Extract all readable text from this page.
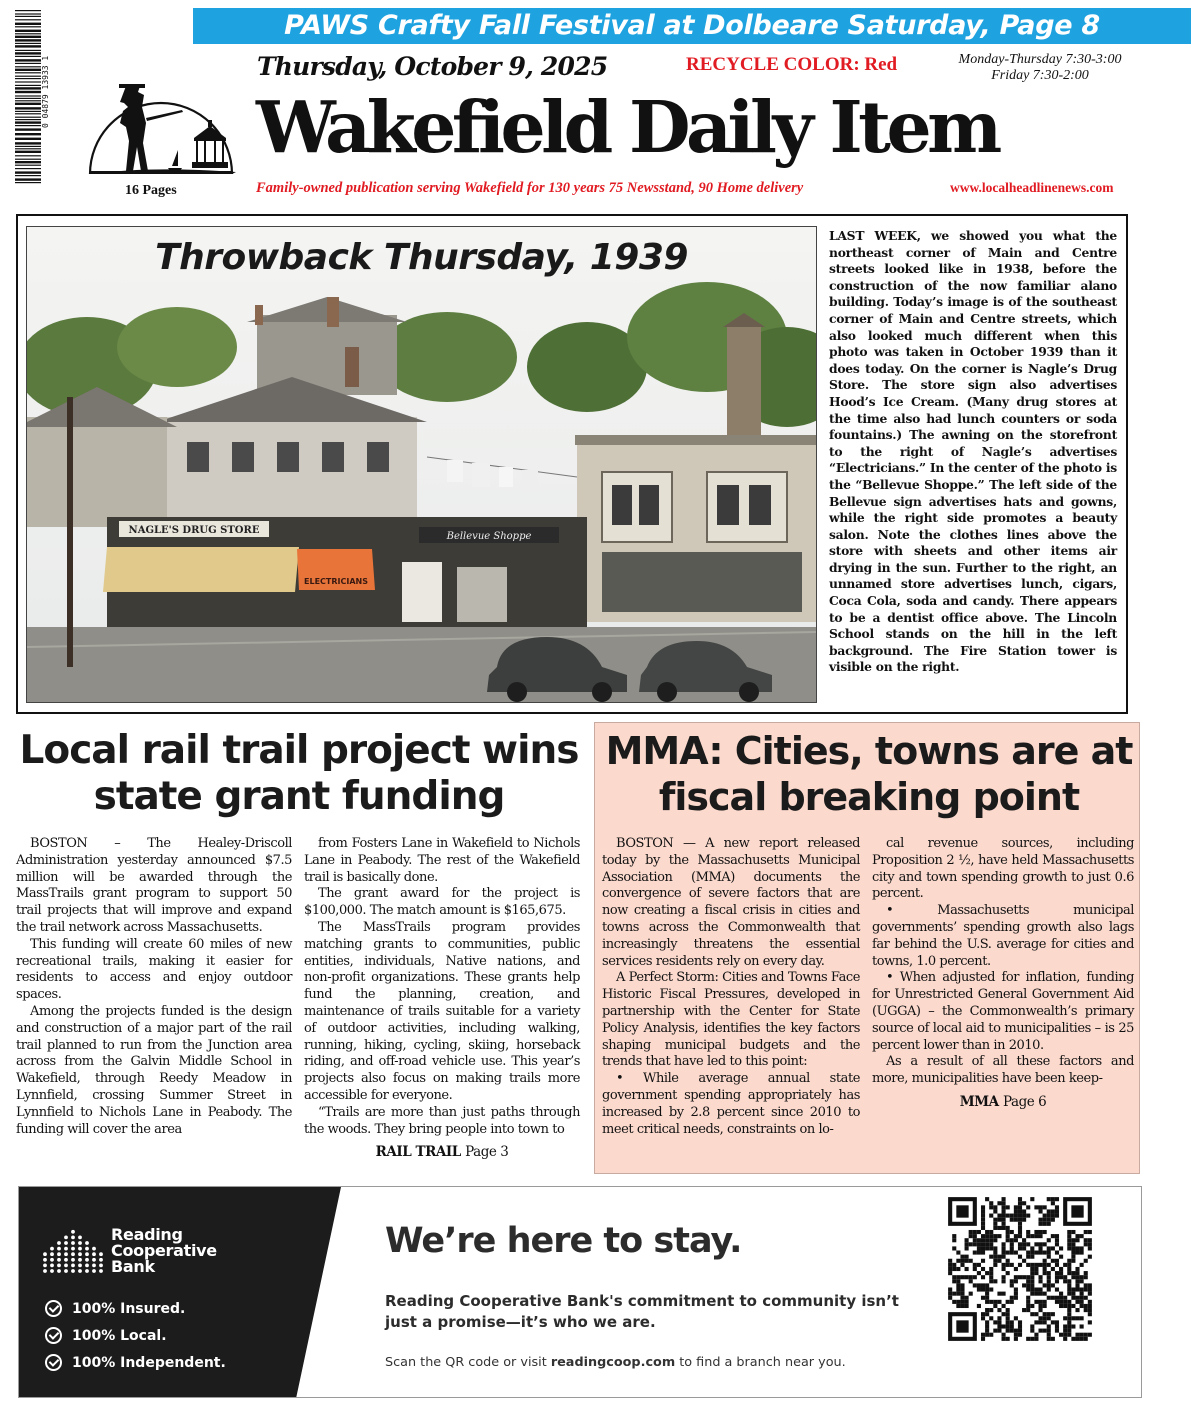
PAWS Crafty Fall Festival at Dolbeare Saturday, Page 8
0 04879 13933 1
16 Pages
Thursday, October 9, 2025	RECYCLE COLOR: Red	Monday-Thursday 7:30-3:00
Friday 7:30-2:00
Wakefield Daily Item
Family-owned publication serving Wakefield for 130 years 75 Newsstand, 90 Home delivery	www.localheadlinenews.com
NAGLE'S DRUG STORE
ELECTRICIANS
Bellevue Shoppe
Throwback Thursday, 1939
LAST WEEK, we showed you what the northeast corner of Main and Centre streets looked like in 1938, before the construction of the now familiar alano building. Today’s image is of the southeast corner of Main and Centre streets, which also looked much different when this photo was taken in October 1939 than it does today. On the corner is Nagle’s Drug Store. The store sign also advertises Hood’s Ice Cream. (Many drug stores at the time also had lunch counters or soda fountains.) The awning on the storefront to the right of Nagle’s advertises “Electricians.” In the center of the photo is the “Bellevue Shoppe.” The left side of the Bellevue sign advertises hats and gowns, while the right side promotes a beauty salon. Note the clothes lines above the store with sheets and other items air drying in the sun. Further to the right, an unnamed store advertises lunch, cigars, Coca Cola, soda and candy. There appears to be a dentist office above. The Lincoln School stands on the hill in the left background. The Fire Station tower is visible on the right.
Local rail trail project wins state grant funding

BOSTON – The Healey-Driscoll Administration yesterday announced $7.5 million will be awarded through the MassTrails grant program to support 50 trail projects that will improve and expand the trail network across Massachusetts.

This funding will create 60 miles of new recreational trails, making it easier for residents to access and enjoy outdoor spaces.

Among the projects funded is the design and construction of a major part of the rail trail planned to run from the Junction area across from the Galvin Middle School in Wakefield, through Reedy Meadow in Lynnfield, crossing Summer Street in Lynnfield to Nichols Lane in Peabody. The funding will cover the area

from Fosters Lane in Wakefield to Nichols Lane in Peabody. The rest of the Wakefield trail is basically done.

The grant award for the project is $100,000. The match amount is $165,675.

The MassTrails program provides matching grants to communities, public entities, individuals, Native nations, and non-profit organizations. These grants help fund the planning, creation, and maintenance of trails suitable for a variety of outdoor activities, including walking, running, hiking, cycling, skiing, horseback riding, and off-road vehicle use. This year’s projects also focus on making trails more accessible for everyone.

“Trails are more than just paths through the woods. They bring people into town to

RAIL TRAIL Page 3

MMA: Cities, towns are at fiscal breaking point

BOSTON — A new report released today by the Massachusetts Municipal Association (MMA) documents the convergence of severe factors that are now creating a fiscal crisis in cities and towns across the Commonwealth that increasingly threatens the essential services residents rely on every day.

A Perfect Storm: Cities and Towns Face Historic Fiscal Pressures, developed in partnership with the Center for State Policy Analysis, identifies the key factors shaping municipal budgets and the trends that have led to this point:

• While average annual state government spending appropriately has increased by 2.8 percent since 2010 to meet critical needs, constraints on lo-

cal revenue sources, including Proposition 2 ½, have held Massachusetts city and town spending growth to just 0.6 percent.

• Massachusetts municipal governments’ spending growth also lags far behind the U.S. average for cities and towns, 1.0 percent.

• When adjusted for inflation, funding for Unrestricted General Government Aid (UGGA) – the Commonwealth’s primary source of local aid to municipalities – is 25 percent lower than in 2010.

As a result of all these factors and more, municipalities have been keep-

MMA Page 6

Reading
Cooperative
Bank
100% Insured.
100% Local.
100% Independent.
We’re here to stay.
Reading Cooperative Bank's commitment to community isn’t just a promise—it’s who we are.
Scan the QR code or visit readingcoop.com to find a branch near you.
